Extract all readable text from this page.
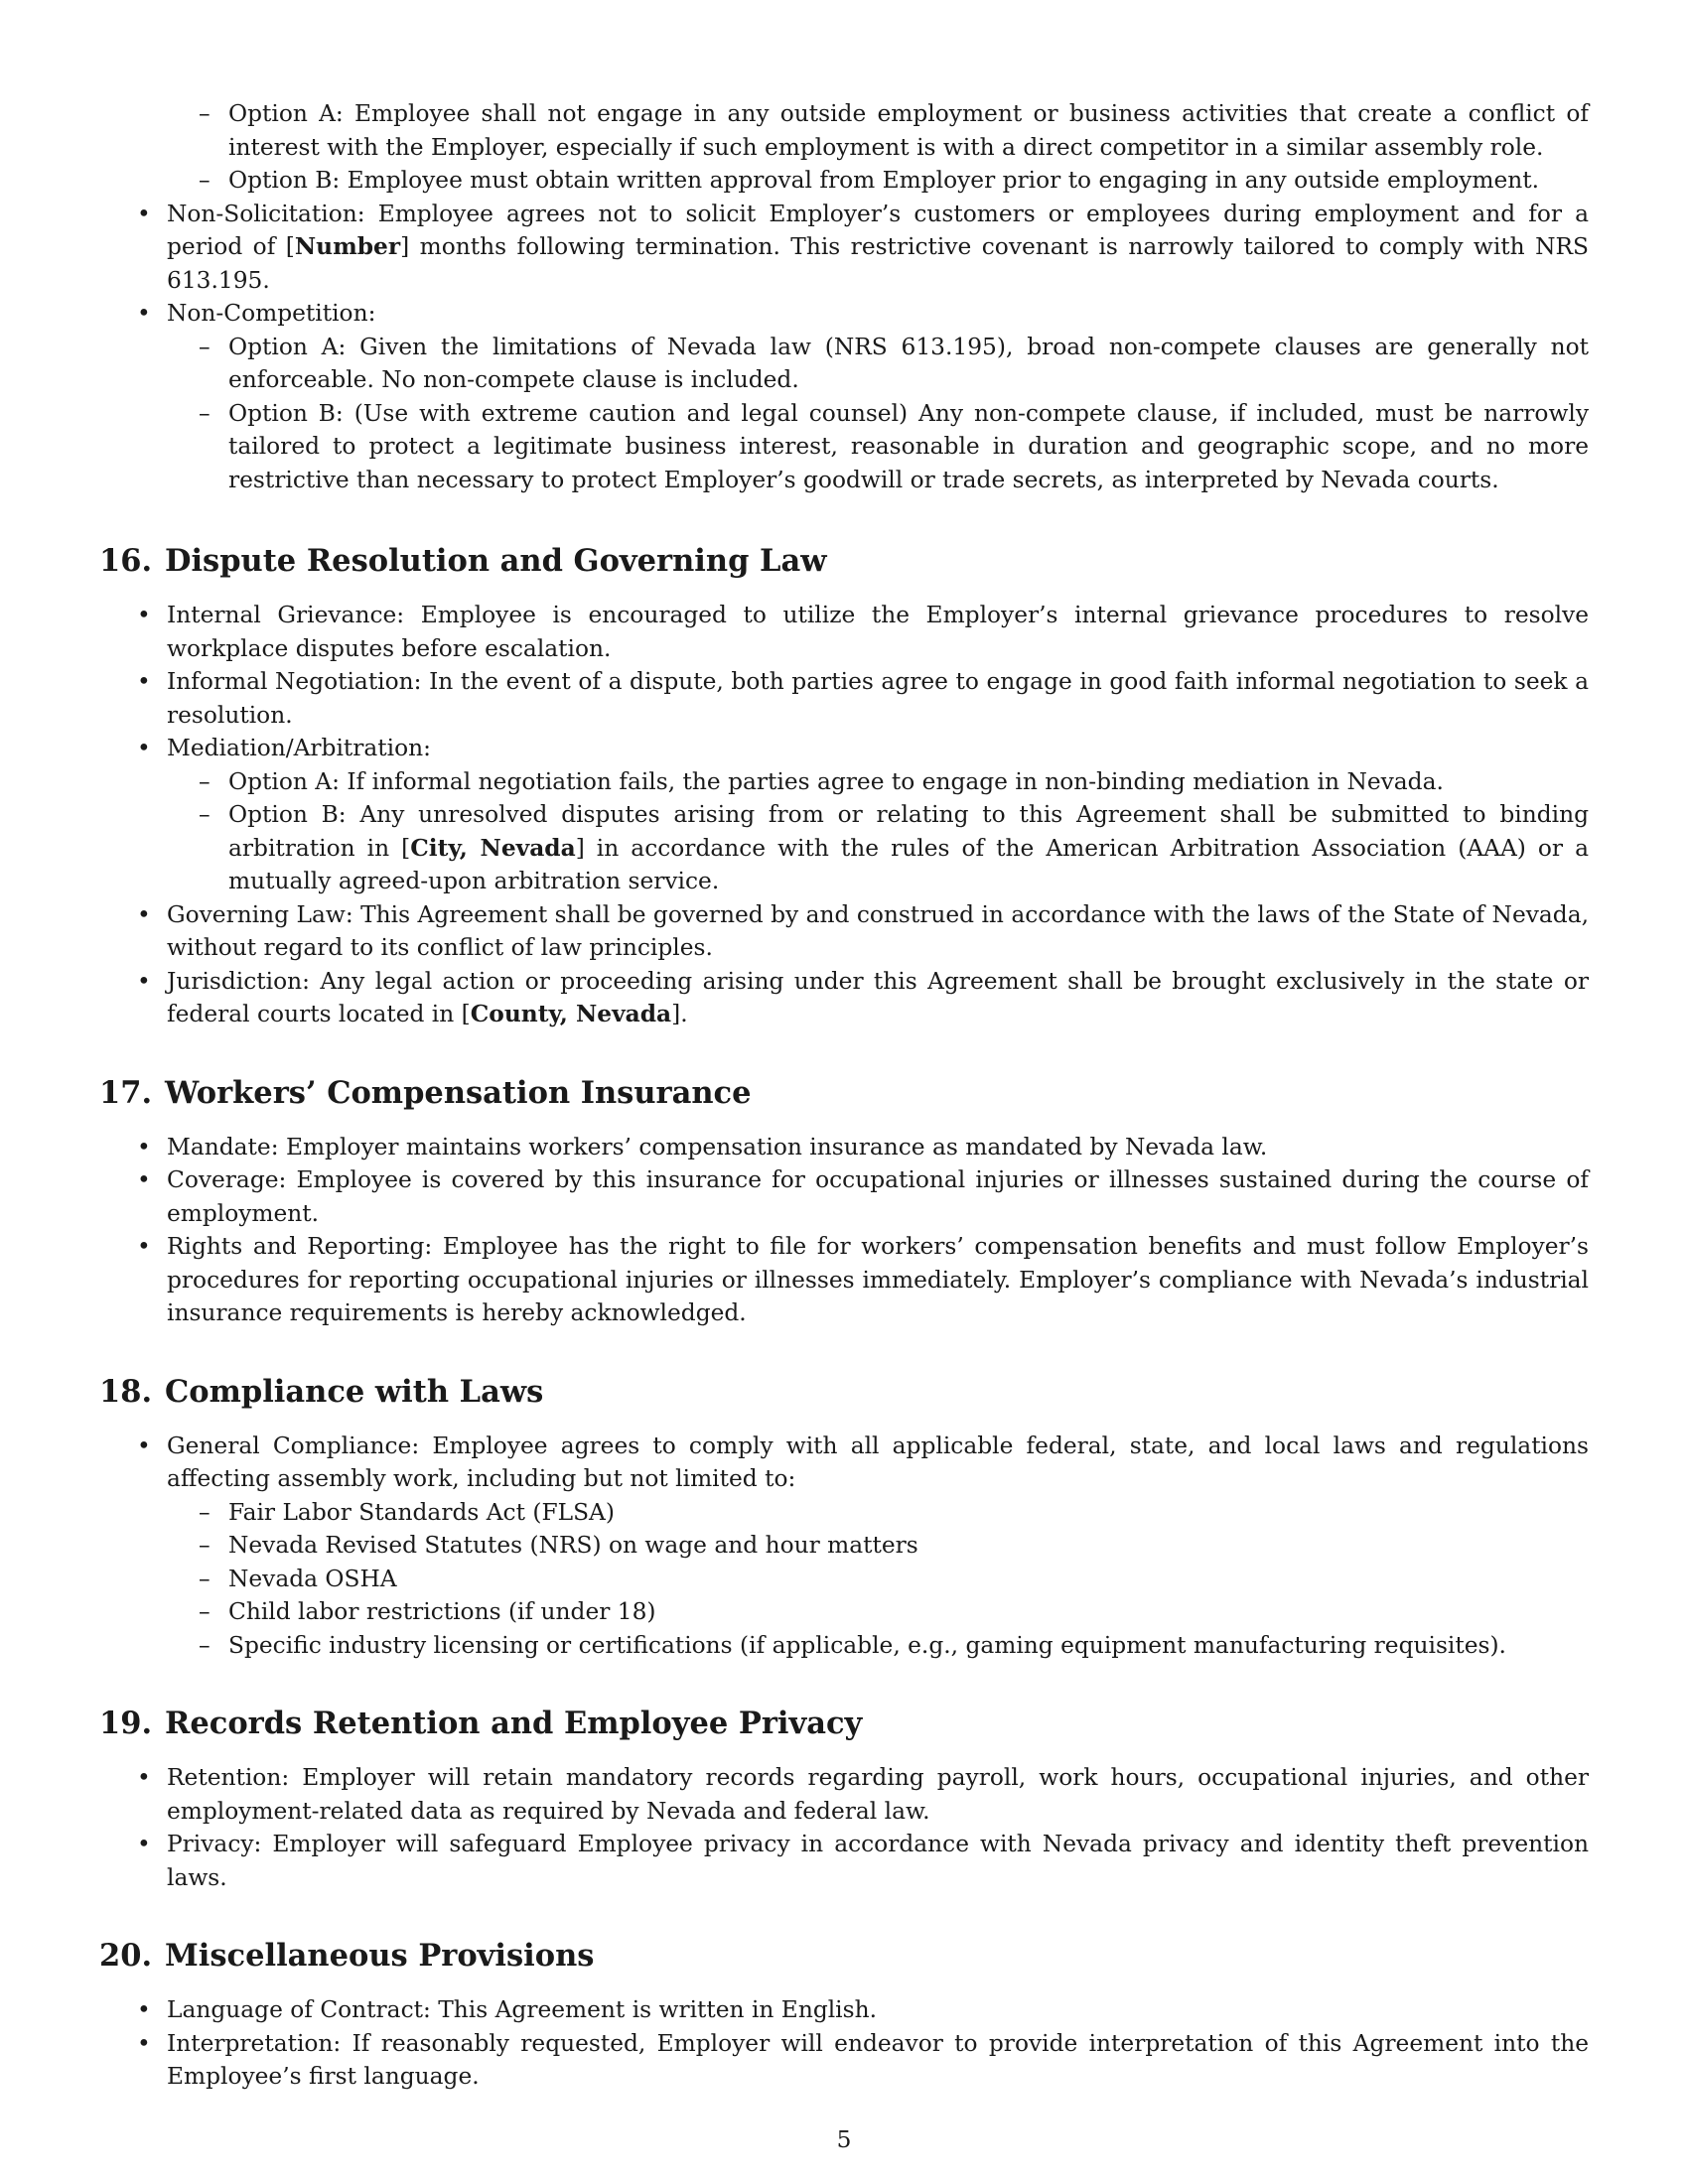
– Option A: Employee shall not engage in any outside employment or business activities that create a conflict of interest with the Employer, especially if such employment is with a direct competitor in a similar assembly role.
– Option B: Employee must obtain written approval from Employer prior to engaging in any outside employment.
• Non-Solicitation: Employee agrees not to solicit Employer’s customers or employees during employment and for a period of [Number] months following termination. This restrictive covenant is narrowly tailored to comply with NRS 613.195.
• Non-Competition:
– Option A: Given the limitations of Nevada law (NRS 613.195), broad non-compete clauses are generally not enforceable. No non-compete clause is included.
– Option B: (Use with extreme caution and legal counsel) Any non-compete clause, if included, must be narrowly tailored to protect a legitimate business interest, reasonable in duration and geographic scope, and no more restrictive than necessary to protect Employer’s goodwill or trade secrets, as interpreted by Nevada courts.
16. Dispute Resolution and Governing Law
• Internal Grievance: Employee is encouraged to utilize the Employer’s internal grievance procedures to resolve workplace disputes before escalation.
• Informal Negotiation: In the event of a dispute, both parties agree to engage in good faith informal negotiation to seek a resolution.
• Mediation/Arbitration:
– Option A: If informal negotiation fails, the parties agree to engage in non-binding mediation in Nevada.
– Option B: Any unresolved disputes arising from or relating to this Agreement shall be submitted to binding arbitration in [City, Nevada] in accordance with the rules of the American Arbitration Association (AAA) or a mutually agreed-upon arbitration service.
• Governing Law: This Agreement shall be governed by and construed in accordance with the laws of the State of Nevada, without regard to its conflict of law principles.
• Jurisdiction: Any legal action or proceeding arising under this Agreement shall be brought exclusively in the state or federal courts located in [County, Nevada].
17. Workers’ Compensation Insurance
• Mandate: Employer maintains workers’ compensation insurance as mandated by Nevada law.
• Coverage: Employee is covered by this insurance for occupational injuries or illnesses sustained during the course of employment.
• Rights and Reporting: Employee has the right to file for workers’ compensation benefits and must follow Employer’s procedures for reporting occupational injuries or illnesses immediately. Employer’s compliance with Nevada’s industrial insurance requirements is hereby acknowledged.
18. Compliance with Laws
• General Compliance: Employee agrees to comply with all applicable federal, state, and local laws and regulations affecting assembly work, including but not limited to:
– Fair Labor Standards Act (FLSA)
– Nevada Revised Statutes (NRS) on wage and hour matters
– Nevada OSHA
– Child labor restrictions (if under 18)
– Specific industry licensing or certifications (if applicable, e.g., gaming equipment manufacturing requisites).
19. Records Retention and Employee Privacy
• Retention: Employer will retain mandatory records regarding payroll, work hours, occupational injuries, and other employment-related data as required by Nevada and federal law.
• Privacy: Employer will safeguard Employee privacy in accordance with Nevada privacy and identity theft prevention laws.
20. Miscellaneous Provisions
• Language of Contract: This Agreement is written in English.
• Interpretation: If reasonably requested, Employer will endeavor to provide interpretation of this Agreement into the Employee’s first language.
5
